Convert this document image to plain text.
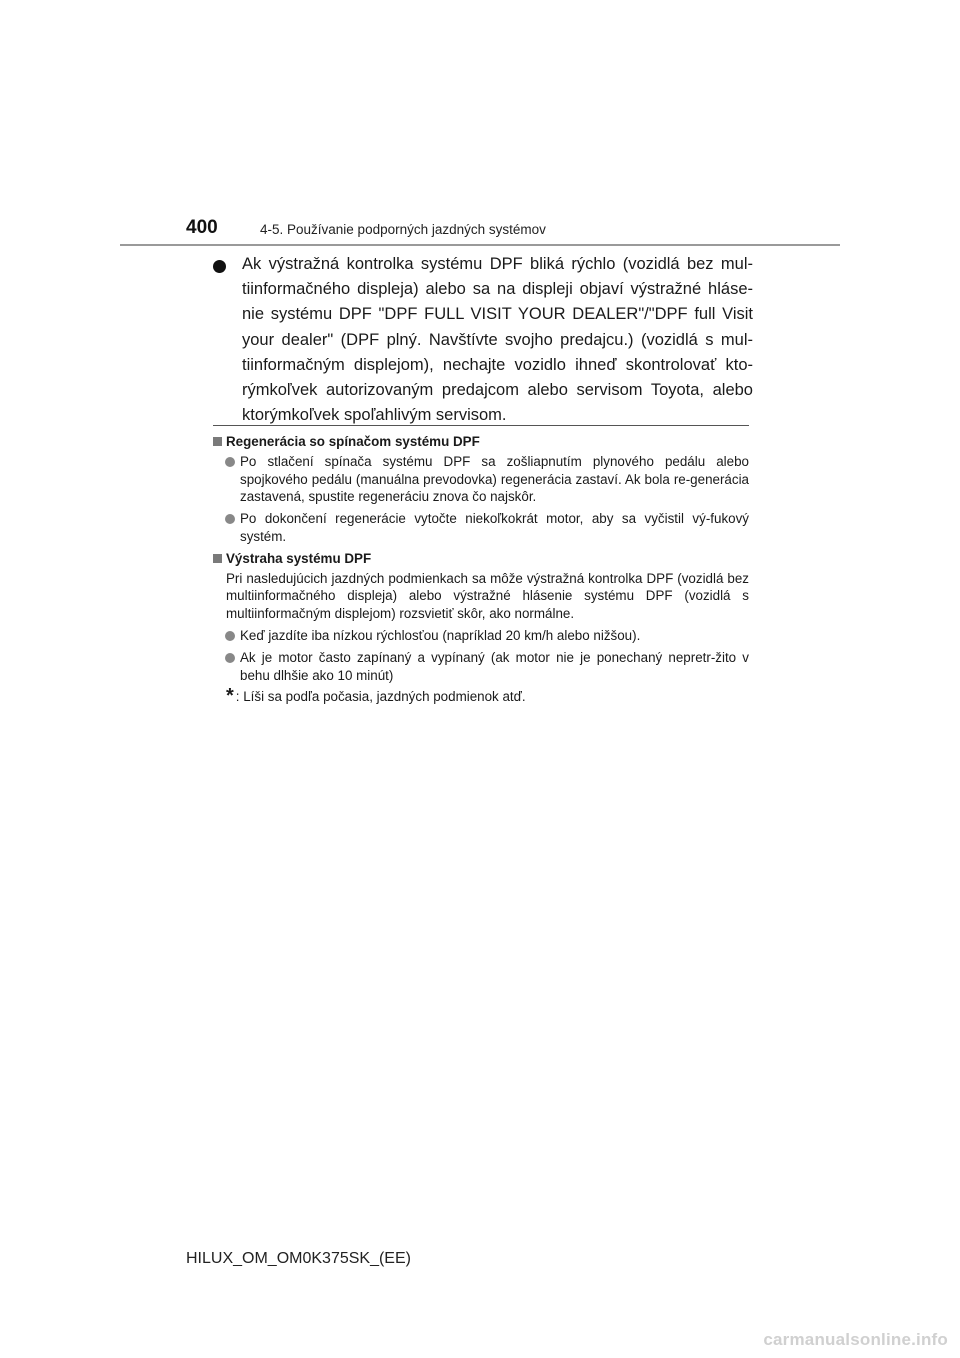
400	4-5. Používanie podporných jazdných systémov
Ak výstražná kontrolka systému DPF bliká rýchlo (vozidlá bez mul-tiinformačného displeja) alebo sa na displeji objaví výstražné hláse-nie systému DPF "DPF FULL VISIT YOUR DEALER"/"DPF full Visit your dealer" (DPF plný. Navštívte svojho predajcu.) (vozidlá s mul-tiinformačným displejom), nechajte vozidlo ihneď skontrolovať kto-rýmkoľvek autorizovaným predajcom alebo servisom Toyota, alebo ktorýmkoľvek spoľahlivým servisom.
Regenerácia so spínačom systému DPF
Po stlačení spínača systému DPF sa zošliapnutím plynového pedálu alebo spojkového pedálu (manuálna prevodovka) regenerácia zastaví. Ak bola re-generácia zastavená, spustite regeneráciu znova čo najskôr.
Po dokončení regenerácie vytočte niekoľkokrát motor, aby sa vyčistil vý-fukový systém.
Výstraha systému DPF
Pri nasledujúcich jazdných podmienkach sa môže výstražná kontrolka DPF (vozidlá bez multiinformačného displeja) alebo výstražné hlásenie systému DPF (vozidlá s multiinformačným displejom) rozsvietiť skôr, ako normálne.
Keď jazdíte iba nízkou rýchlosťou (napríklad 20 km/h alebo nižšou).
Ak je motor často zapínaný a vypínaný (ak motor nie je ponechaný nepretr-žito v behu dlhšie ako 10 minút)
* : Líši sa podľa počasia, jazdných podmienok atď.
HILUX_OM_OM0K375SK_(EE)
carmanualsonline.info
